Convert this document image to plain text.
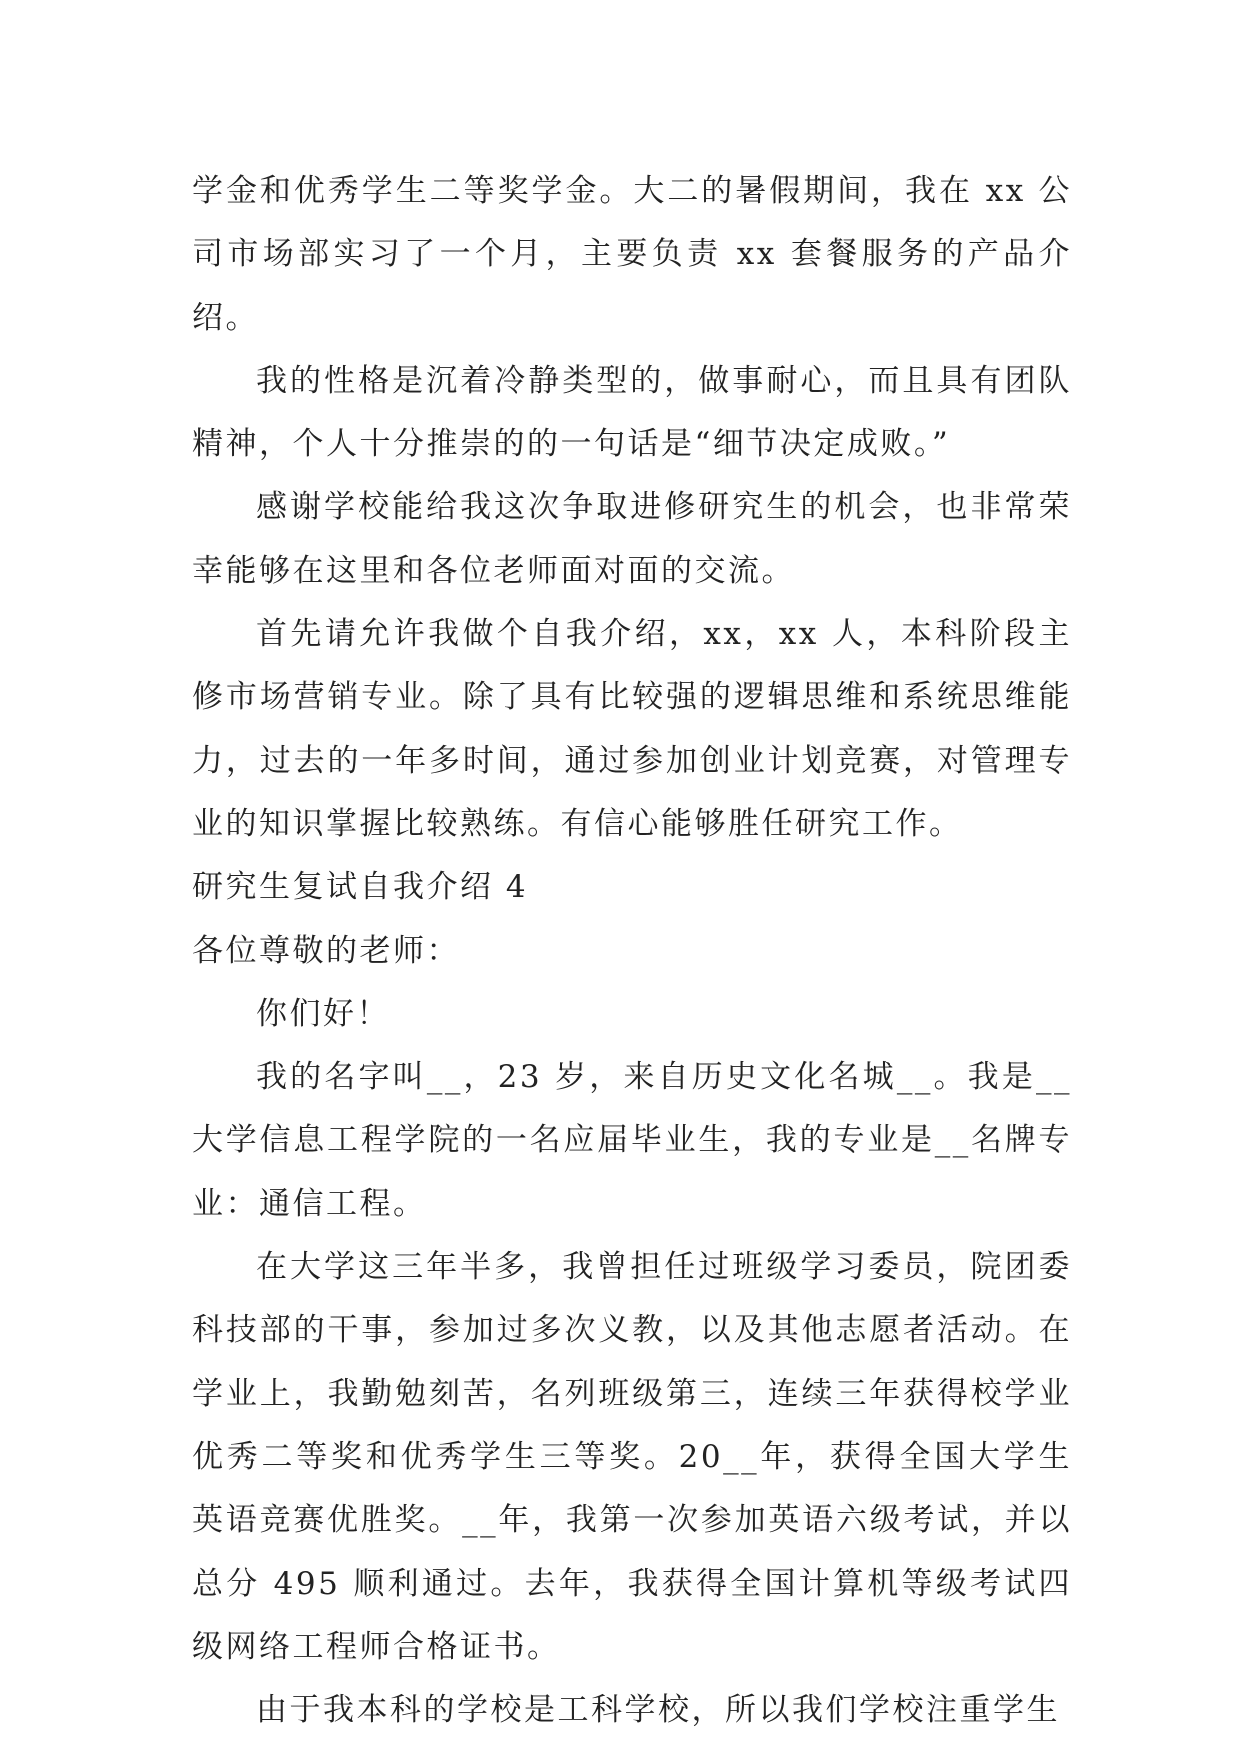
学金和优秀学生二等奖学金。大二的暑假期间，我在 xx 公司市场部实习了一个月，主要负责 xx 套餐服务的产品介绍。

我的性格是沉着冷静类型的，做事耐心，而且具有团队精神，个人十分推崇的的一句话是“细节决定成败。”

感谢学校能给我这次争取进修研究生的机会，也非常荣幸能够在这里和各位老师面对面的交流。

首先请允许我做个自我介绍，xx，xx 人，本科阶段主修市场营销专业。除了具有比较强的逻辑思维和系统思维能力，过去的一年多时间，通过参加创业计划竞赛，对管理专业的知识掌握比较熟练。有信心能够胜任研究工作。

研究生复试自我介绍 4

各位尊敬的老师：

你们好！

我的名字叫__，23 岁，来自历史文化名城__。我是__大学信息工程学院的一名应届毕业生，我的专业是__名牌专业：通信工程。

在大学这三年半多，我曾担任过班级学习委员，院团委科技部的干事，参加过多次义教，以及其他志愿者活动。在学业上，我勤勉刻苦，名列班级第三，连续三年获得校学业优秀二等奖和优秀学生三等奖。20__年，获得全国大学生英语竞赛优胜奖。__年，我第一次参加英语六级考试，并以总分 495 顺利通过。去年，我获得全国计算机等级考试四级网络工程师合格证书。

由于我本科的学校是工科学校，所以我们学校注重学生
